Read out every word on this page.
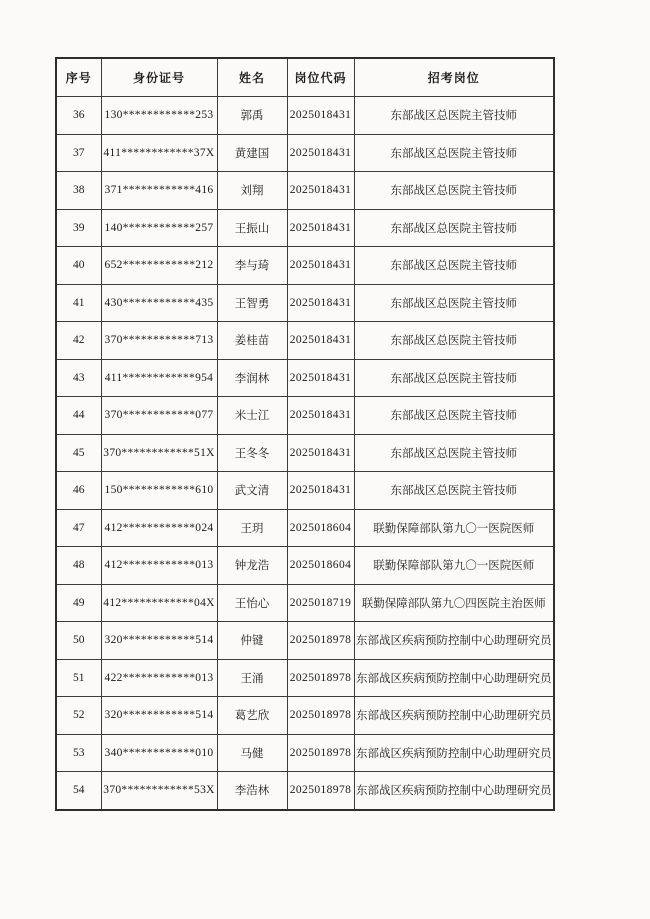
序号	身份证号	姓名	岗位代码	招考岗位
36	130************253	郭禹	2025018431	东部战区总医院主管技师
37	411************37X	黄建国	2025018431	东部战区总医院主管技师
38	371************416	刘翔	2025018431	东部战区总医院主管技师
39	140************257	王振山	2025018431	东部战区总医院主管技师
40	652************212	李与琦	2025018431	东部战区总医院主管技师
41	430************435	王智勇	2025018431	东部战区总医院主管技师
42	370************713	姜桂苗	2025018431	东部战区总医院主管技师
43	411************954	李润林	2025018431	东部战区总医院主管技师
44	370************077	米士江	2025018431	东部战区总医院主管技师
45	370************51X	王冬冬	2025018431	东部战区总医院主管技师
46	150************610	武文清	2025018431	东部战区总医院主管技师
47	412************024	王玥	2025018604	联勤保障部队第九〇一医院医师
48	412************013	钟龙浩	2025018604	联勤保障部队第九〇一医院医师
49	412************04X	王怡心	2025018719	联勤保障部队第九〇四医院主治医师
50	320************514	仲键	2025018978	东部战区疾病预防控制中心助理研究员
51	422************013	王涌	2025018978	东部战区疾病预防控制中心助理研究员
52	320************514	葛艺欣	2025018978	东部战区疾病预防控制中心助理研究员
53	340************010	马健	2025018978	东部战区疾病预防控制中心助理研究员
54	370************53X	李浩林	2025018978	东部战区疾病预防控制中心助理研究员
